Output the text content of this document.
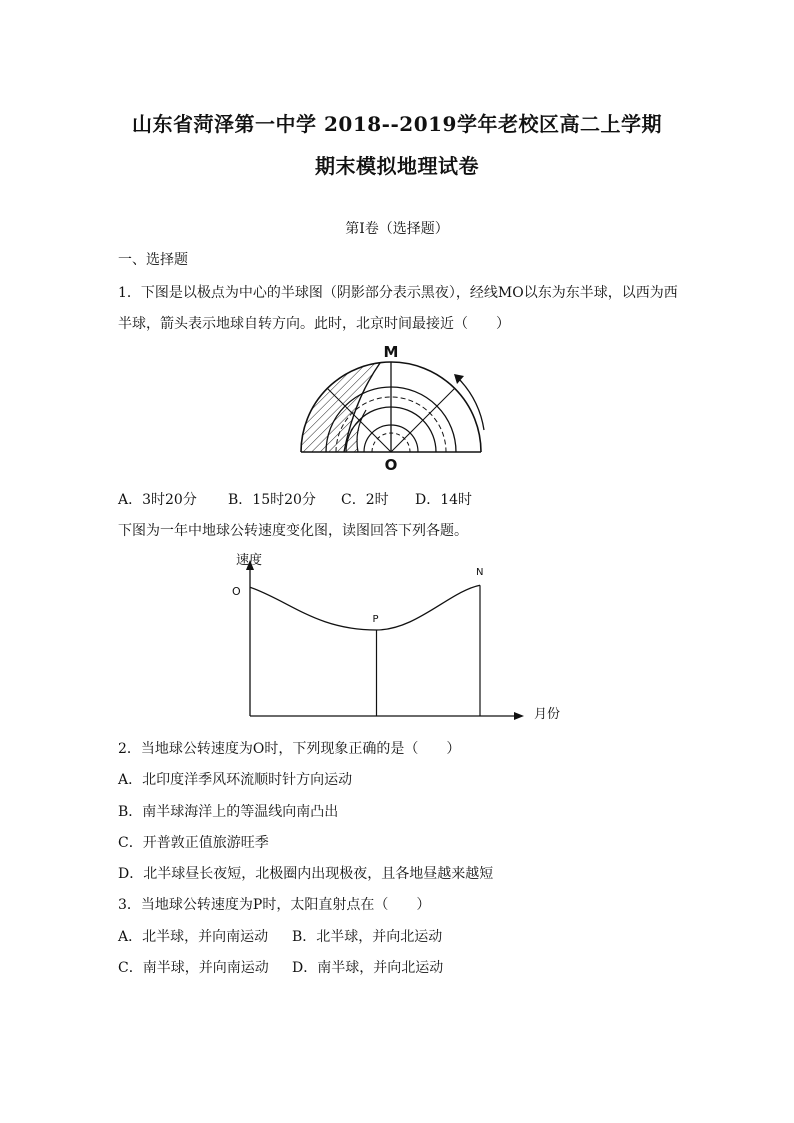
山东省菏泽第一中学 2018--2019学年老校区高二上学期
期末模拟地理试卷
第I卷（选择题）
一、选择题
1．下图是以极点为中心的半球图（阴影部分表示黑夜），经线MO以东为东半球，以西为西
半球，箭头表示地球自转方向。此时，北京时间最接近（　　）
M
O
A．3时20分 B．15时20分 C．2时 D．14时
下图为一年中地球公转速度变化图，读图回答下列各题。
速度
月份
O
P
N
2．当地球公转速度为O时，下列现象正确的是（　　）
A．北印度洋季风环流顺时针方向运动
B．南半球海洋上的等温线向南凸出
C．开普敦正值旅游旺季
D．北半球昼长夜短，北极圈内出现极夜，且各地昼越来越短
3．当地球公转速度为P时，太阳直射点在（　　）
A．北半球，并向南运动 B．北半球，并向北运动
C．南半球，并向南运动 D．南半球，并向北运动
